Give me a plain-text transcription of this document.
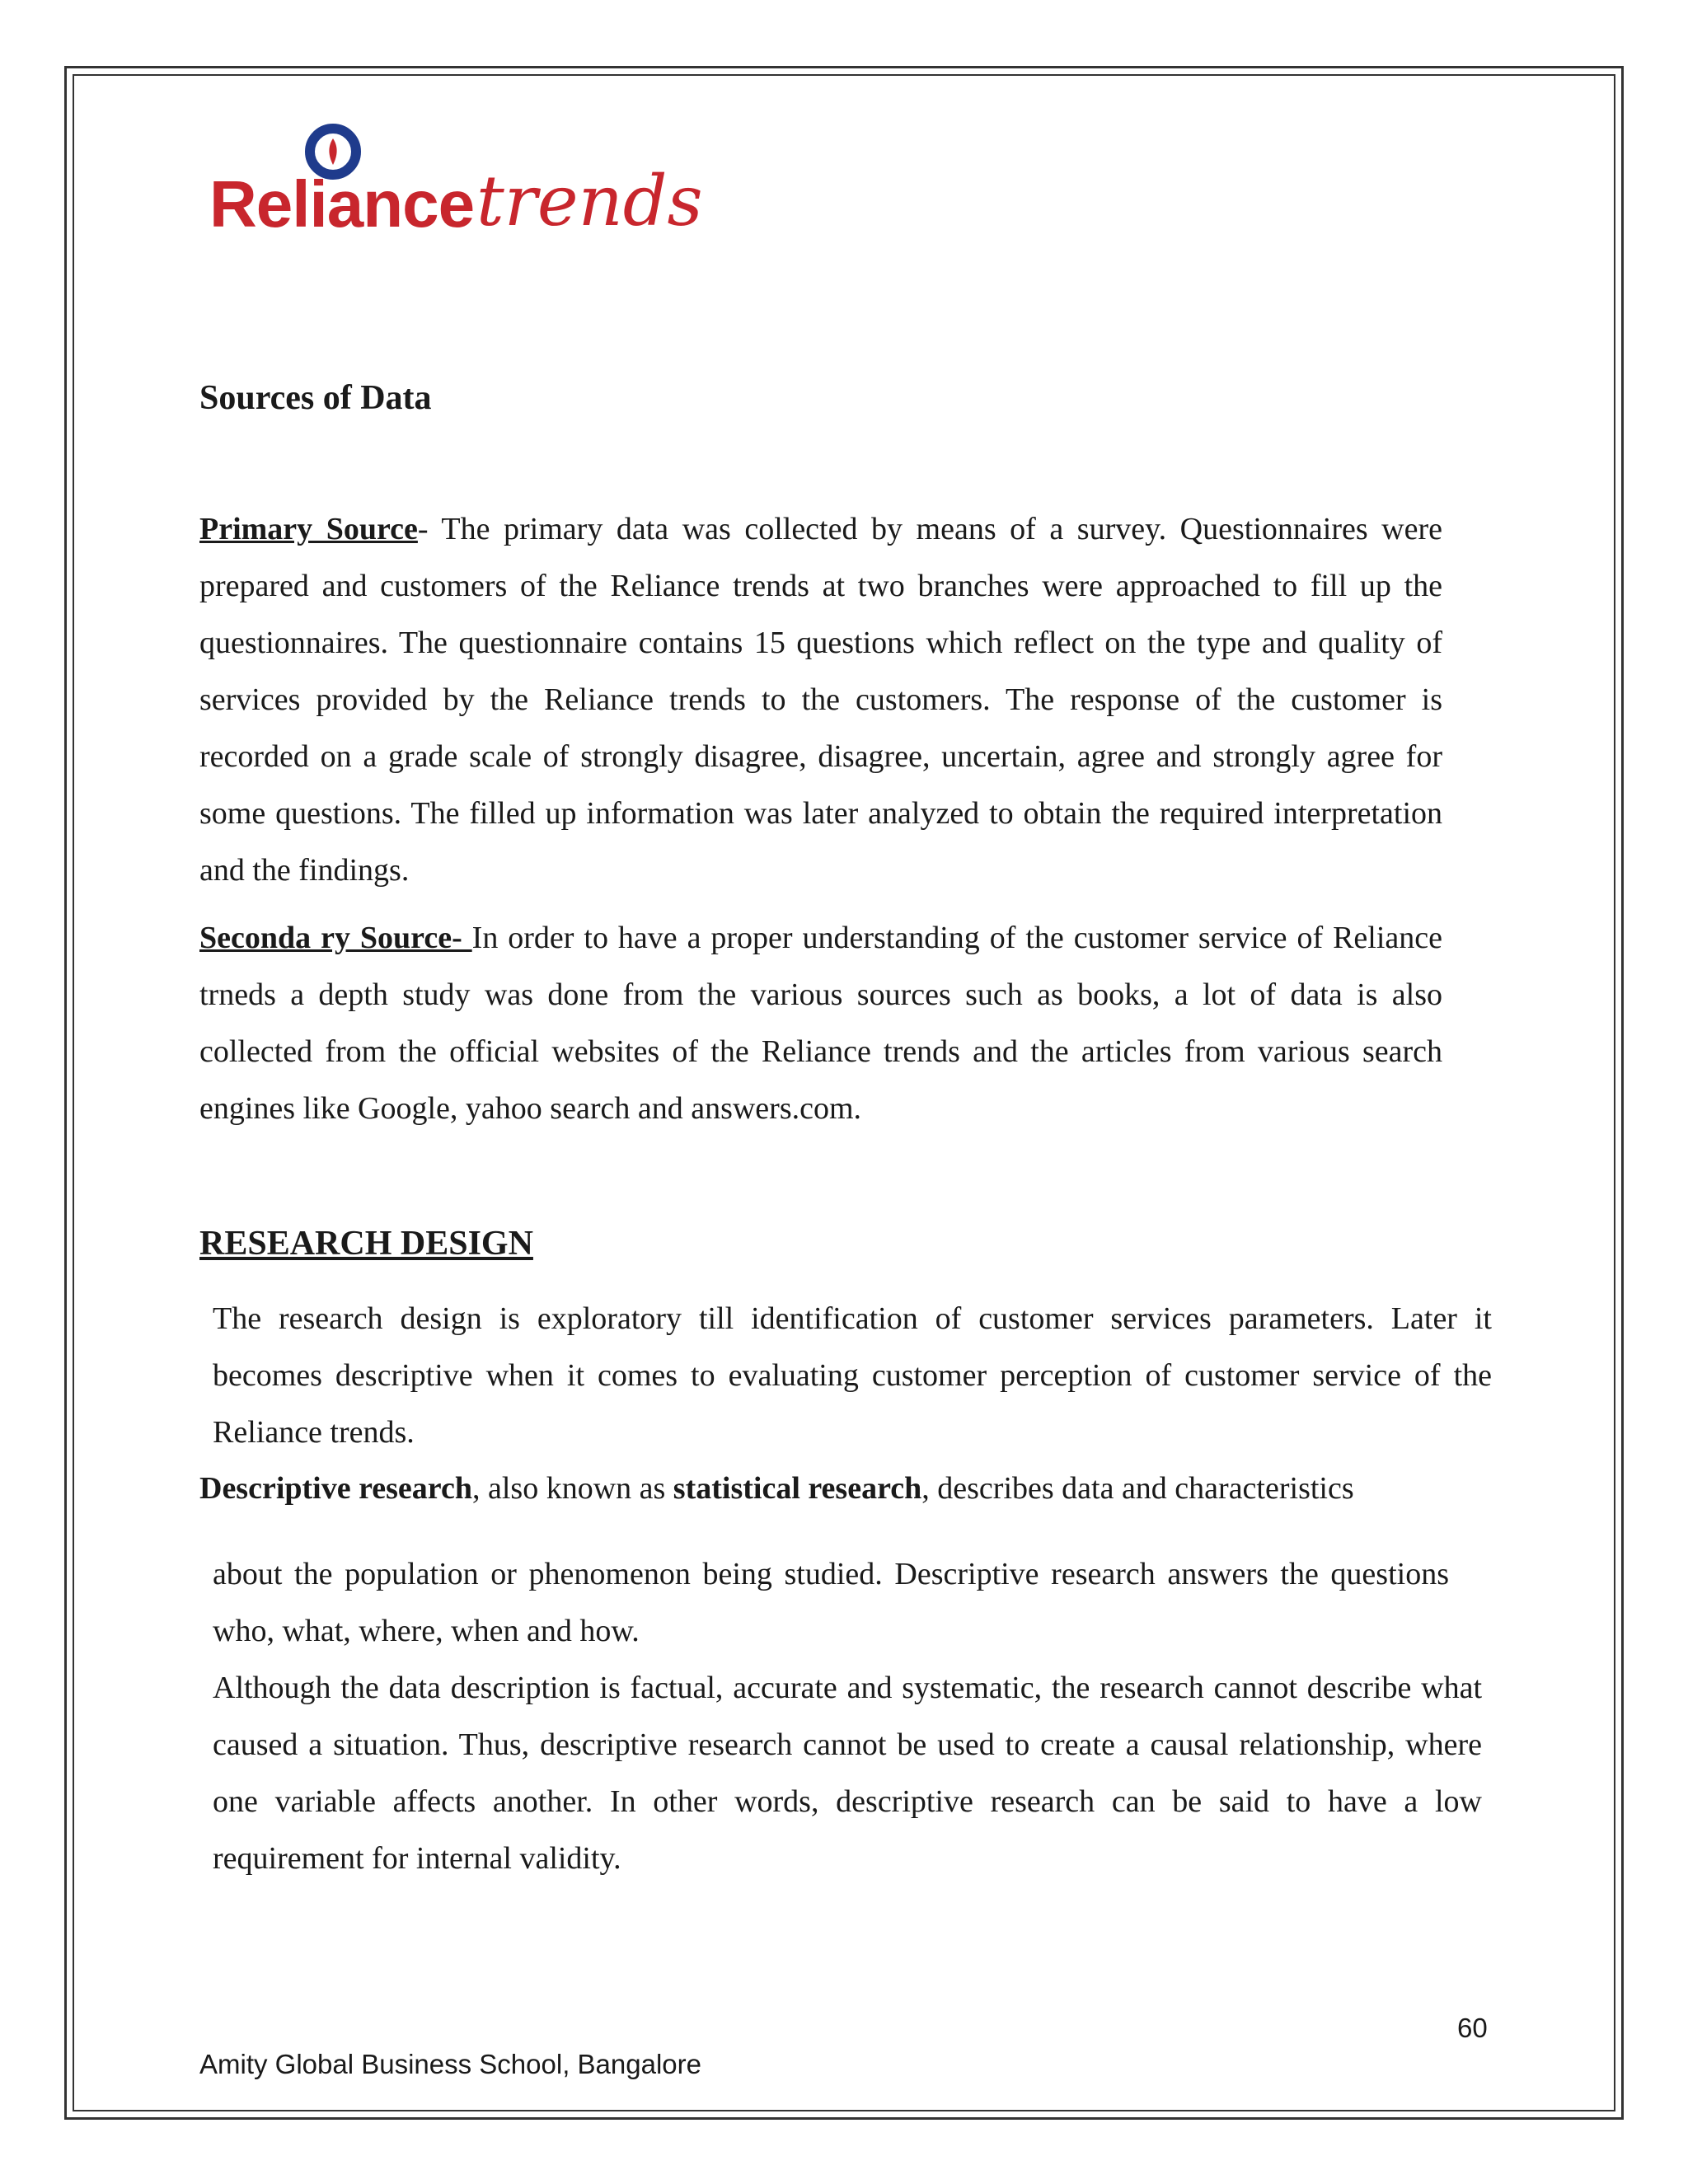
Reliance trends
Sources of Data

Primary Source- The primary data was collected by means of a survey. Questionnaires were prepared and customers of the Reliance trends at two branches were approached to fill up the questionnaires. The questionnaire contains 15 questions which reflect on the type and quality of services provided by the Reliance trends to the customers. The response of the customer is recorded on a grade scale of strongly disagree, disagree, uncertain, agree and strongly agree for some questions. The filled up information was later analyzed to obtain the required interpretation and the findings.

Seconda ry Source- In order to have a proper understanding of the customer service of Reliance trneds a depth study was done from the various sources such as books, a lot of data is also collected from the official websites of the Reliance trends and the articles from various search engines like Google, yahoo search and answers.com.

RESEARCH DESIGN

The research design is exploratory till identification of customer services parameters. Later it becomes descriptive when it comes to evaluating customer perception of customer service of the Reliance trends.

Descriptive research, also known as statistical research, describes data and characteristics

about the population or phenomenon being studied. Descriptive research answers the questions who, what, where, when and how.

Although the data description is factual, accurate and systematic, the research cannot describe what caused a situation. Thus, descriptive research cannot be used to create a causal relationship, where one variable affects another. In other words, descriptive research can be said to have a low requirement for internal validity.

60
Amity Global Business School, Bangalore
